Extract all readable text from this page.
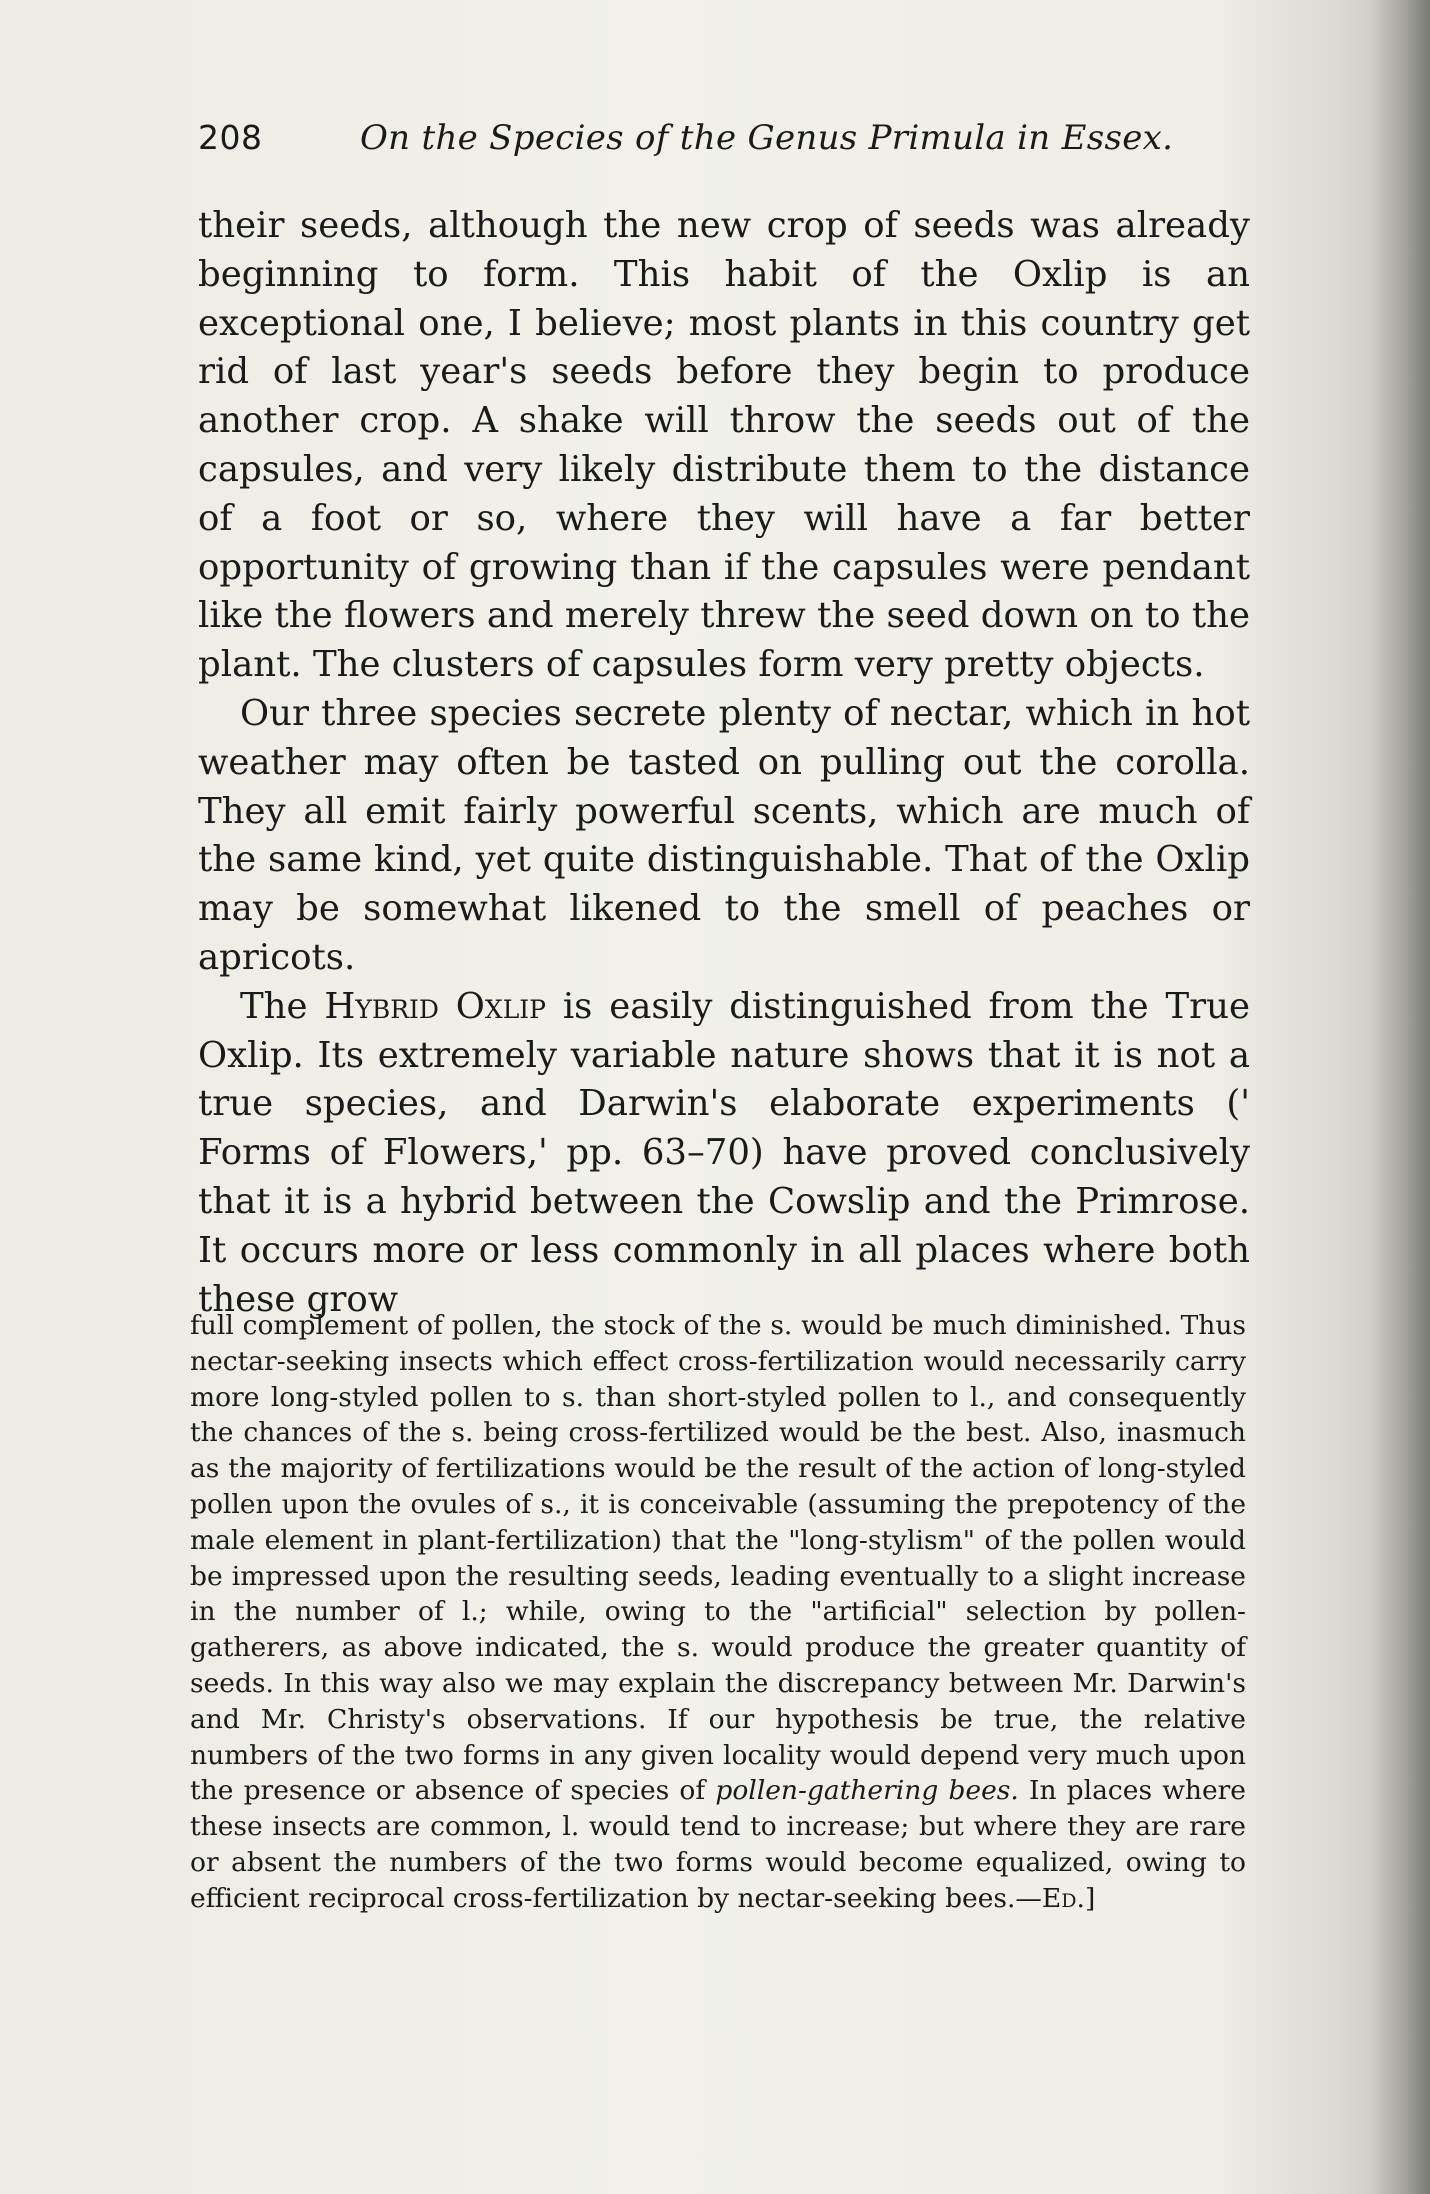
208	On the Species of the Genus Primula in Essex.

their seeds, although the new crop of seeds was already beginning to form. This habit of the Oxlip is an exceptional one, I believe; most plants in this country get rid of last year's seeds before they begin to produce another crop. A shake will throw the seeds out of the capsules, and very likely distribute them to the distance of a foot or so, where they will have a far better opportunity of growing than if the capsules were pendant like the flowers and merely threw the seed down on to the plant. The clusters of capsules form very pretty objects.

Our three species secrete plenty of nectar, which in hot weather may often be tasted on pulling out the corolla. They all emit fairly powerful scents, which are much of the same kind, yet quite distinguishable. That of the Oxlip may be somewhat likened to the smell of peaches or apricots.

The Hybrid Oxlip is easily distinguished from the True Oxlip. Its extremely variable nature shows that it is not a true species, and Darwin's elaborate experiments (' Forms of Flowers,' pp. 63–70) have proved conclusively that it is a hybrid between the Cowslip and the Primrose. It occurs more or less commonly in all places where both these grow

full complement of pollen, the stock of the s. would be much diminished. Thus nectar-seeking insects which effect cross-fertilization would necessarily carry more long-styled pollen to s. than short-styled pollen to l., and consequently the chances of the s. being cross-fertilized would be the best. Also, inasmuch as the majority of fertilizations would be the result of the action of long-styled pollen upon the ovules of s., it is conceivable (assuming the prepotency of the male element in plant-fertilization) that the "long-stylism" of the pollen would be impressed upon the resulting seeds, leading eventually to a slight increase in the number of l.; while, owing to the "artificial" selection by pollen-gatherers, as above indicated, the s. would produce the greater quantity of seeds. In this way also we may explain the discrepancy between Mr. Darwin's and Mr. Christy's observations. If our hypothesis be true, the relative numbers of the two forms in any given locality would depend very much upon the presence or absence of species of pollen-gathering bees. In places where these insects are common, l. would tend to increase; but where they are rare or absent the numbers of the two forms would become equalized, owing to efficient reciprocal cross-fertilization by nectar-seeking bees.—Ed.]
